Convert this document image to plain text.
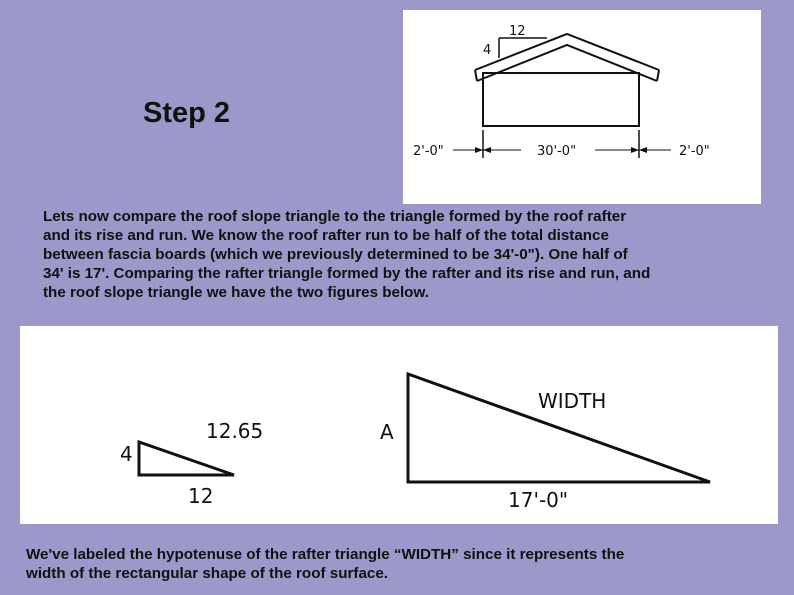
Step 2
12
4
2'-0"	30'-0"	2'-0"
Lets now compare the roof slope triangle to the triangle formed by the roof rafter
and its rise and run. We know the roof rafter run to be half of the total distance
between fascia boards (which we previously determined to be 34'-0"). One half of
34' is 17'. Comparing the rafter triangle formed by the rafter and its rise and run, and
the roof slope triangle we have the two figures below.
4
12
12.65	A
17'-0"
WIDTH
We've labeled the hypotenuse of the rafter triangle “WIDTH” since it represents the
width of the rectangular shape of the roof surface.
